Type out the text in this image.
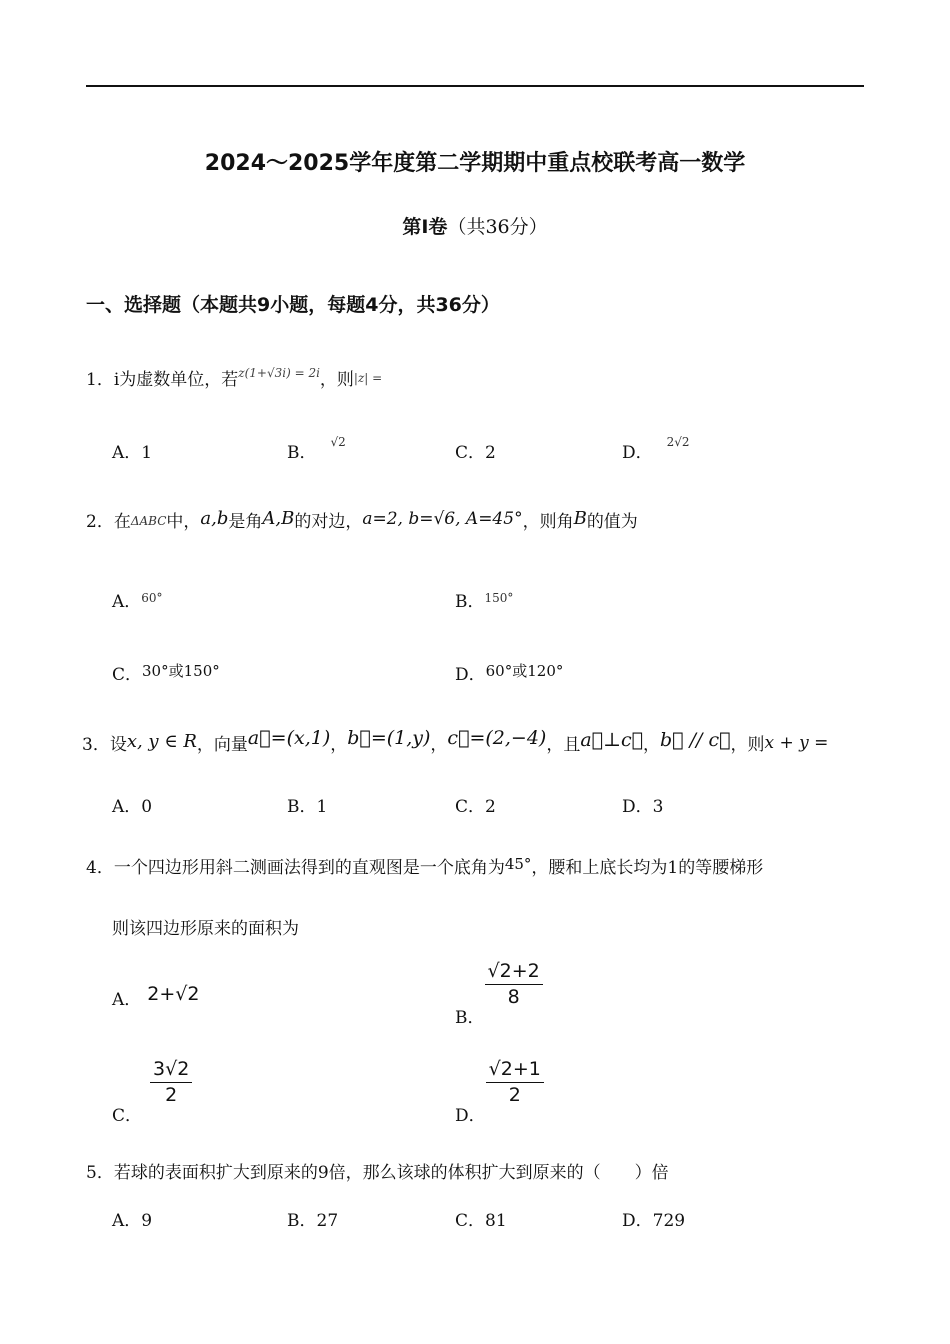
2024～2025学年度第二学期期中重点校联考高一数学
第Ⅰ卷（共36分）
一、选择题（本题共9小题，每题4分，共36分）
1．i为虚数单位，若$^{z(1+√3i) = 2i}$，则|z| =
A．1	B．$^{√2}$
C．2	D．$^{2√2}$
2．在ΔABC中，a,b是角A,B的对边，a=2, b=√6, A=45°，则角B的值为
A．$^{60^\circ}$	B．$^{150^\circ}$
C．30°或150°	D．60°或120°
3．设x, y ∈ R，向量a⃗=(x,1)，b⃗=(1,y)，c⃗=(2,−4)，且a⃗⊥c⃗，b⃗ // c⃗，则x + y =
A．0	B．1	C．2	D．3
4．一个四边形用斜二测画法得到的直观图是一个底角为45°，腰和上底长均为1的等腰梯形
则该四边形原来的面积为
A． 2+√2
B．
$\frac{√2+2}{8}$
C．
$\frac{3√2}{2}$
D．
$\frac{√2+1}{2}$
5．若球的表面积扩大到原来的9倍，那么该球的体积扩大到原来的（　　）倍
A．9	B．27	C．81	D．729
